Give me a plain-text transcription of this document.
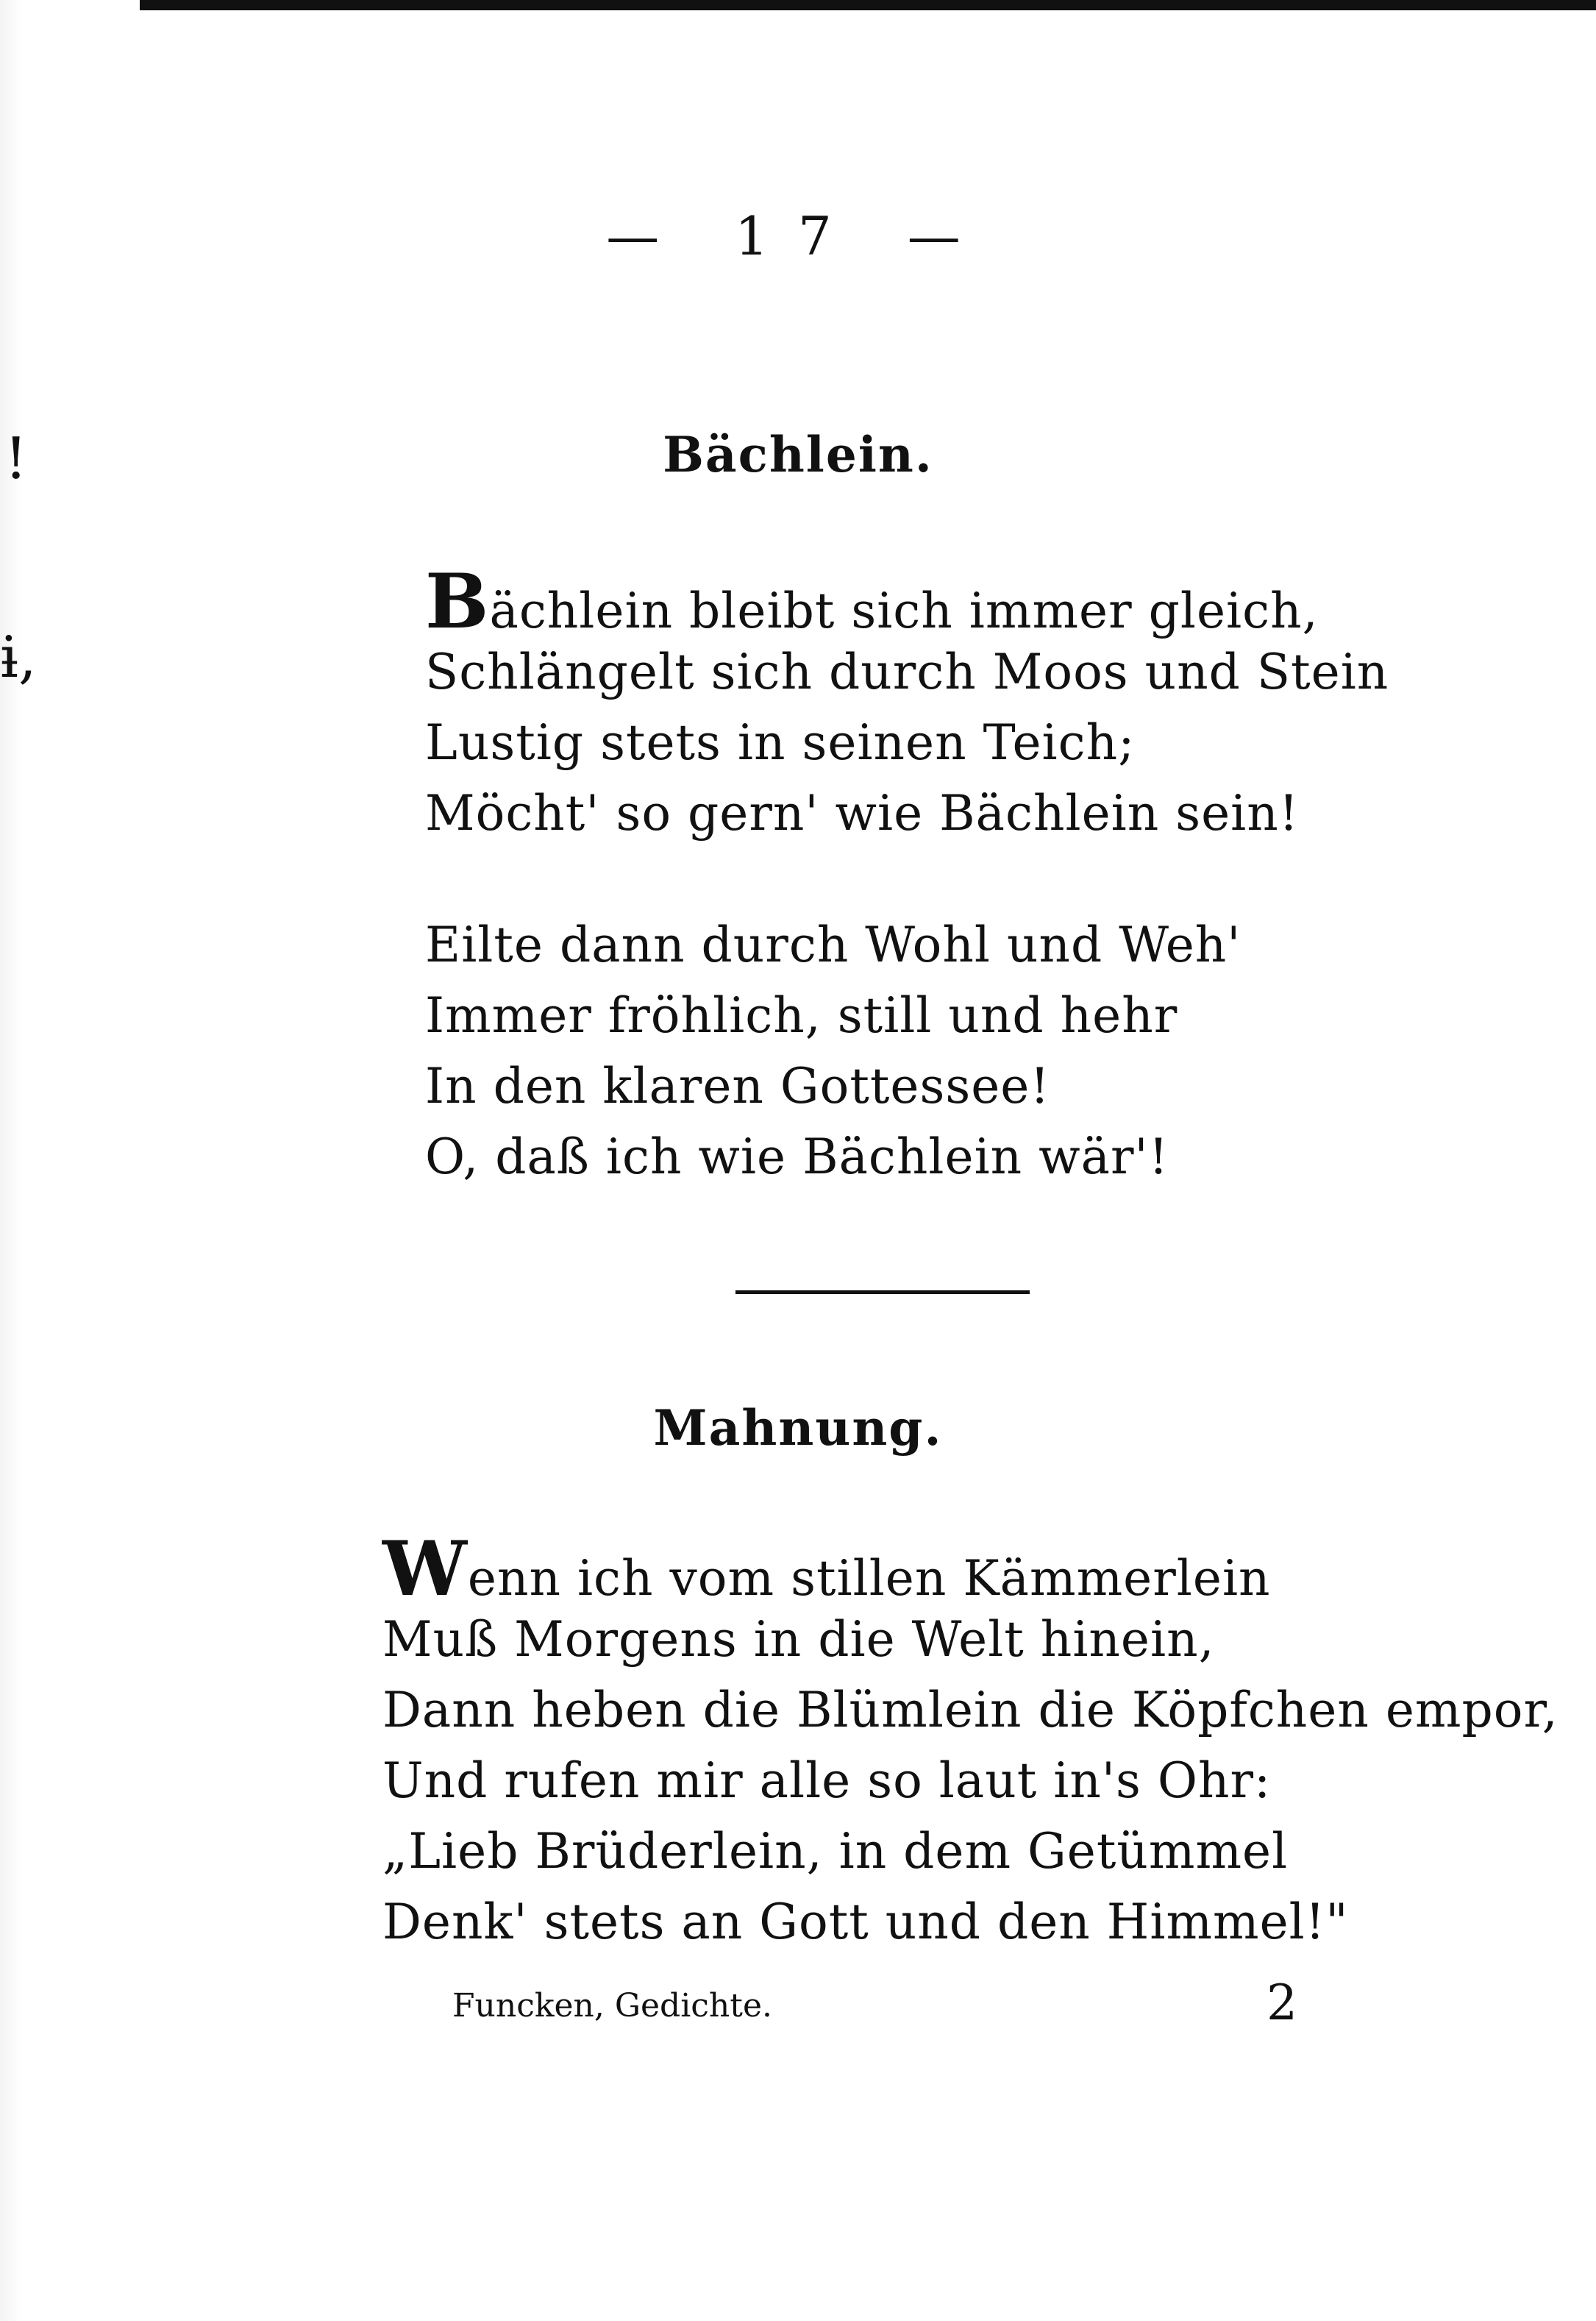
!
ɨ,
— 17 —
Bächlein.
Bächlein bleibt sich immer gleich,
Schlängelt sich durch Moos und Stein
Lustig stets in seinen Teich;
Möcht' so gern' wie Bächlein sein!
Eilte dann durch Wohl und Weh'
Immer fröhlich, still und hehr
In den klaren Gottessee!
O, daß ich wie Bächlein wär'!
Mahnung.
Wenn ich vom stillen Kämmerlein
Muß Morgens in die Welt hinein,
Dann heben die Blümlein die Köpfchen empor,
Und rufen mir alle so laut in's Ohr:
„Lieb Brüderlein, in dem Getümmel
Denk' stets an Gott und den Himmel!"
Funcken, Gedichte.	2
